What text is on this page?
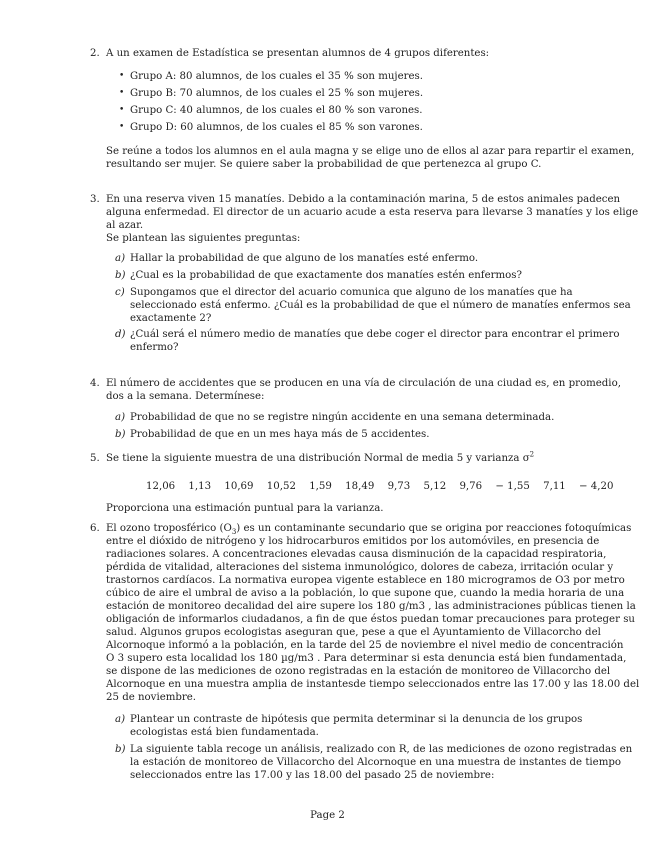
2. A un examen de Estadística se presentan alumnos de 4 grupos diferentes:
• Grupo A: 80 alumnos, de los cuales el 35 % son mujeres.
• Grupo B: 70 alumnos, de los cuales el 25 % son mujeres.
• Grupo C: 40 alumnos, de los cuales el 80 % son varones.
• Grupo D: 60 alumnos, de los cuales el 85 % son varones.
Se reúne a todos los alumnos en el aula magna y se elige uno de ellos al azar para repartir el examen,
resultando ser mujer. Se quiere saber la probabilidad de que pertenezca al grupo C.
3. En una reserva viven 15 manatíes. Debido a la contaminación marina, 5 de estos animales padecen
alguna enfermedad. El director de un acuario acude a esta reserva para llevarse 3 manatíes y los elige
al azar.
Se plantean las siguientes preguntas:
a) Hallar la probabilidad de que alguno de los manatíes esté enfermo.
b) ¿Cual es la probabilidad de que exactamente dos manatíes estén enfermos?
c) Supongamos que el director del acuario comunica que alguno de los manatíes que ha
seleccionado está enfermo. ¿Cuál es la probabilidad de que el número de manatíes enfermos sea
exactamente 2?
d) ¿Cuál será el número medio de manatíes que debe coger el director para encontrar el primero
enfermo?
4. El número de accidentes que se producen en una vía de circulación de una ciudad es, en promedio,
dos a la semana. Determínese:
a) Probabilidad de que no se registre ningún accidente en una semana determinada.
b) Probabilidad de que en un mes haya más de 5 accidentes.
5. Se tiene la siguiente muestra de una distribución Normal de media 5 y varianza $\sigma^2$
12,06 1,13 10,69 10,52 1,59 18,49 9,73 5,12 9,76 − 1,55 7,11 − 4,20
Proporciona una estimación puntual para la varianza.
6. El ozono troposférico $(O_3)$ es un contaminante secundario que se origina por reacciones fotoquímicas
entre el dióxido de nitrógeno y los hidrocarburos emitidos por los automóviles, en presencia de
radiaciones solares. A concentraciones elevadas causa disminución de la capacidad respiratoria,
pérdida de vitalidad, alteraciones del sistema inmunológico, dolores de cabeza, irritación ocular y
trastornos cardíacos. La normativa europea vigente establece en 180 microgramos de O3 por metro
cúbico de aire el umbral de aviso a la población, lo que supone que, cuando la media horaria de una
estación de monitoreo decalidad del aire supere los 180 g/m3 , las administraciones públicas tienen la
obligación de informarlos ciudadanos, a fin de que éstos puedan tomar precauciones para proteger su
salud. Algunos grupos ecologistas aseguran que, pese a que el Ayuntamiento de Villacorcho del
Alcornoque informó a la población, en la tarde del 25 de noviembre el nivel medio de concentración
O 3 supero esta localidad los 180 µg/m3 . Para determinar si esta denuncia está bien fundamentada,
se dispone de las mediciones de ozono registradas en la estación de monitoreo de Villacorcho del
Alcornoque en una muestra amplia de instantesde tiempo seleccionados entre las 17.00 y las 18.00 del
25 de noviembre.
a) Plantear un contraste de hipótesis que permita determinar si la denuncia de los grupos
ecologistas está bien fundamentada.
b) La siguiente tabla recoge un análisis, realizado con R, de las mediciones de ozono registradas en
la estación de monitoreo de Villacorcho del Alcornoque en una muestra de instantes de tiempo
seleccionados entre las 17.00 y las 18.00 del pasado 25 de noviembre:
Page 2
